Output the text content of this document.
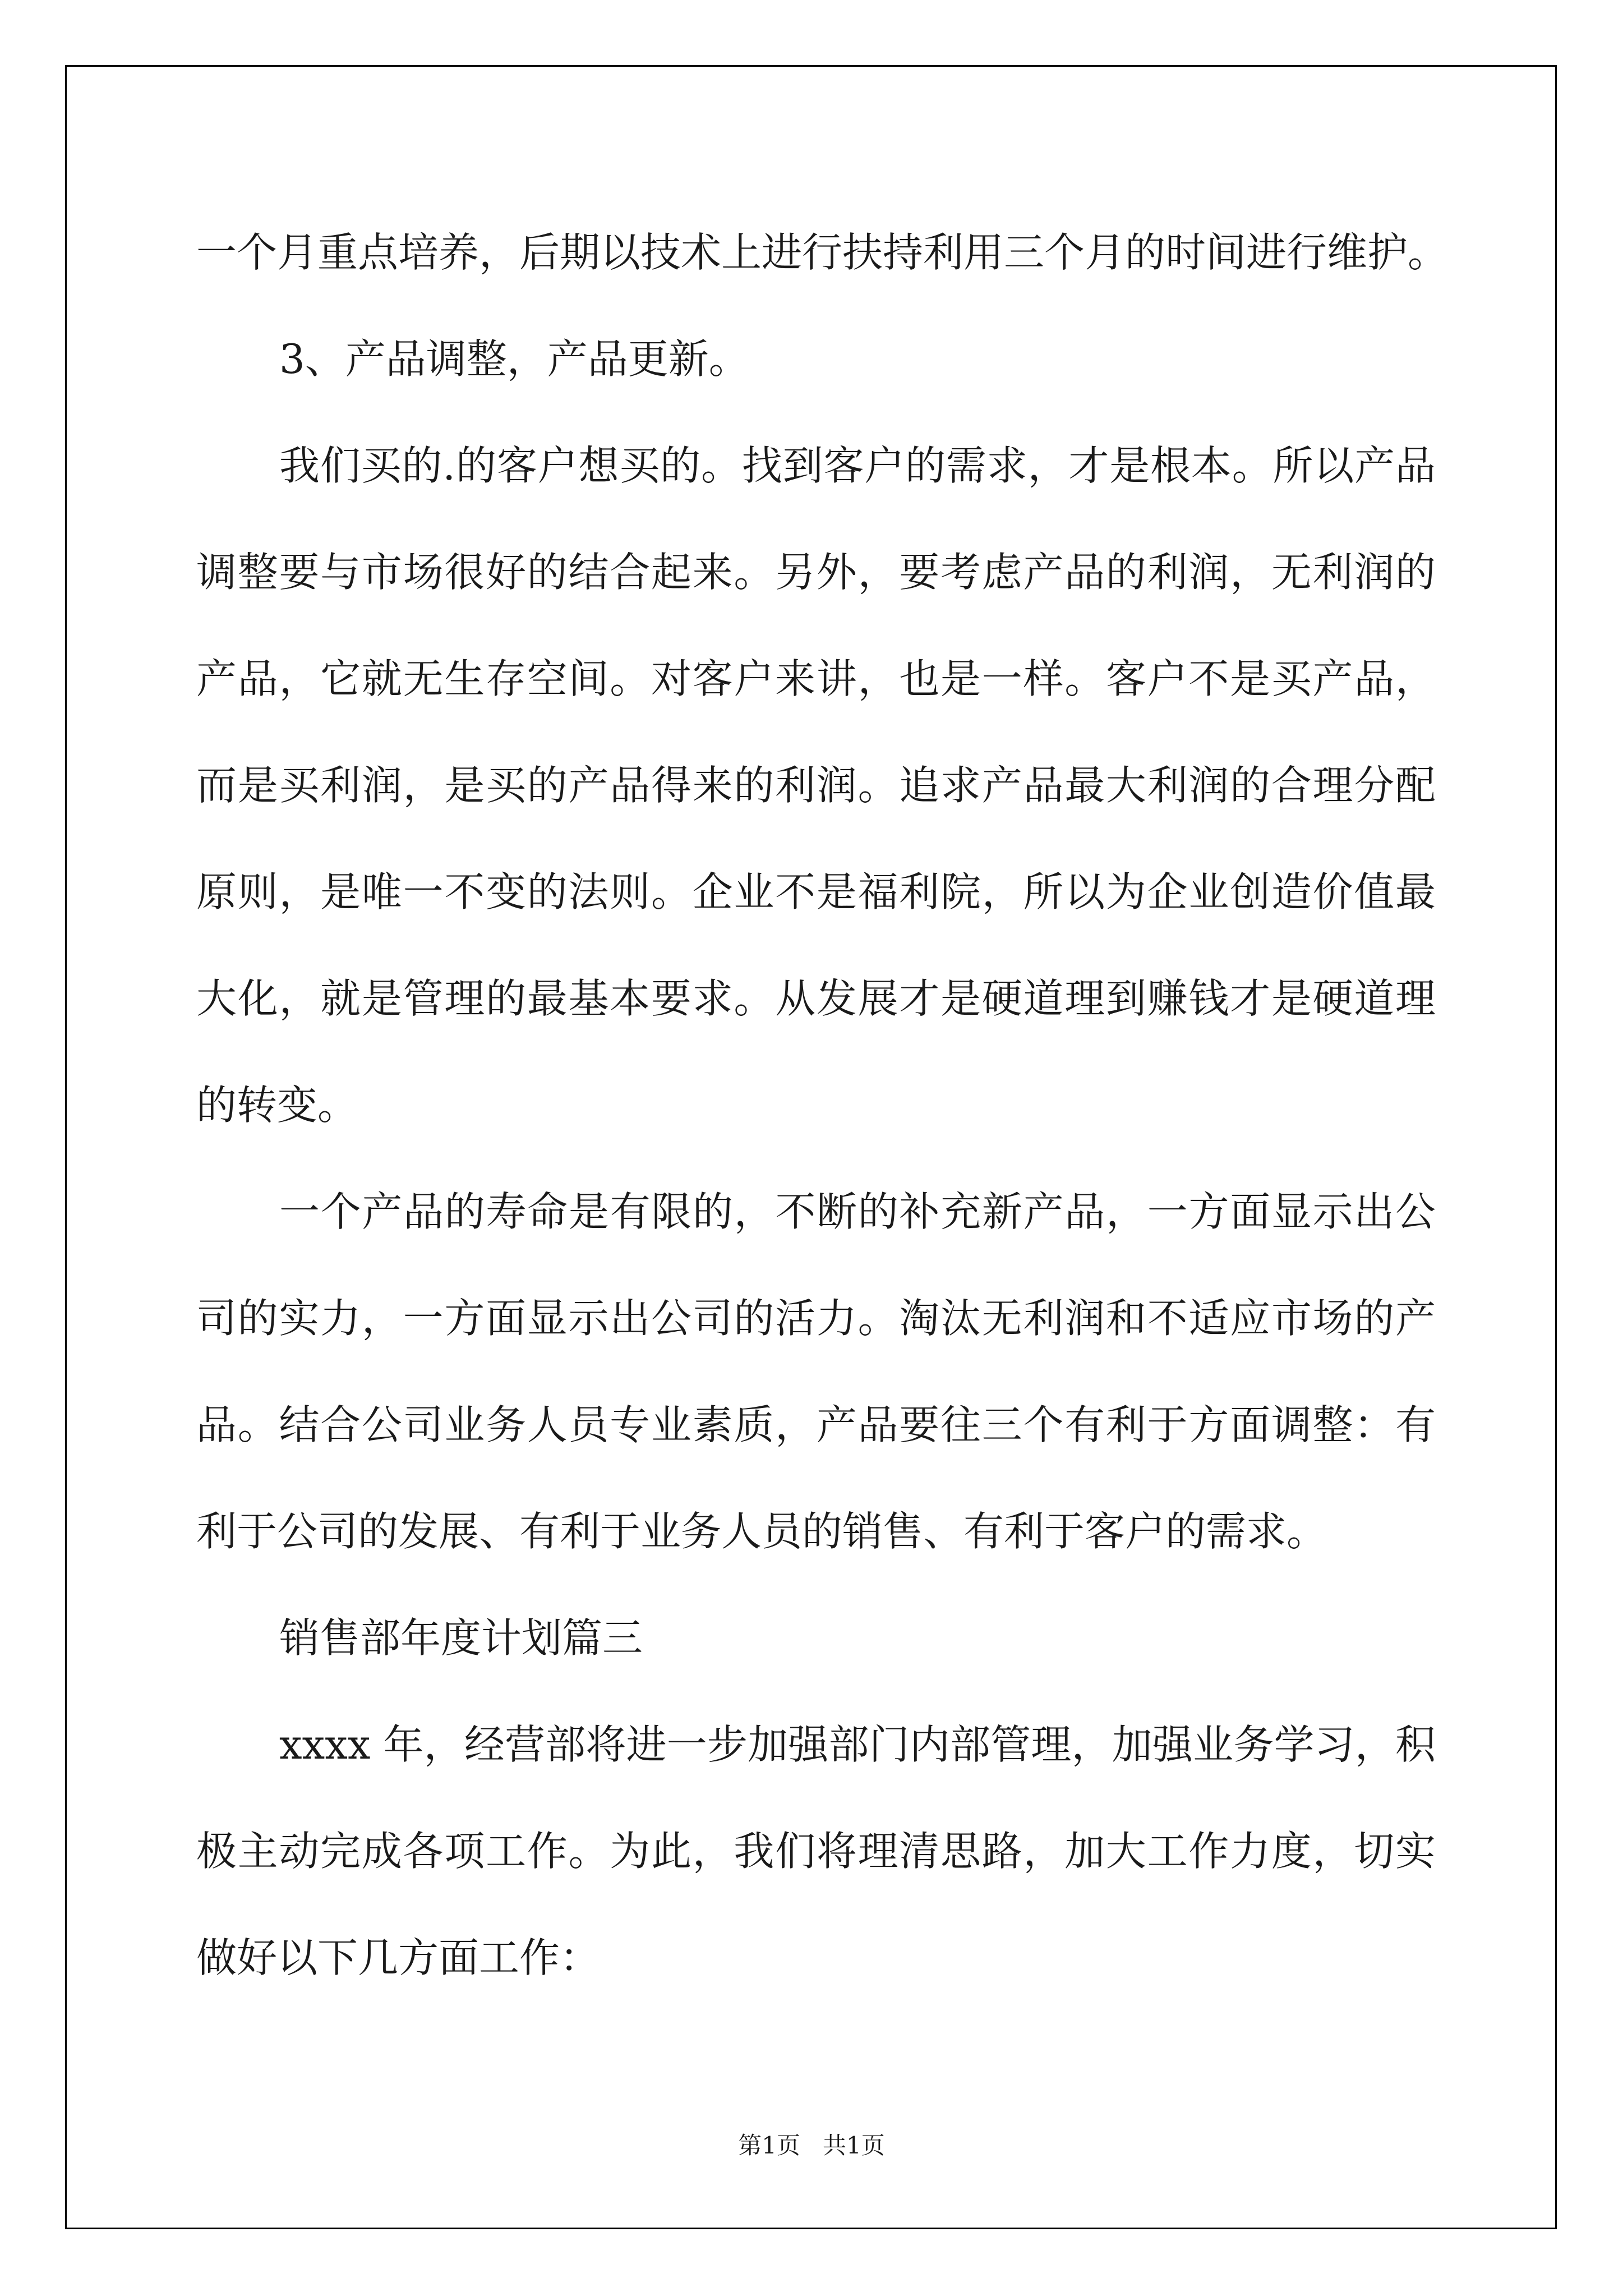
一个月重点培养，后期以技术上进行扶持利用三个月的时间进行维护。
3、产品调整，产品更新。
我们买的.的客户想买的。找到客户的需求，才是根本。所以产品
调整要与市场很好的结合起来。另外，要考虑产品的利润，无利润的
产品，它就无生存空间。对客户来讲，也是一样。客户不是买产品，
而是买利润，是买的产品得来的利润。追求产品最大利润的合理分配
原则，是唯一不变的法则。企业不是福利院，所以为企业创造价值最
大化，就是管理的最基本要求。从发展才是硬道理到赚钱才是硬道理
的转变。
一个产品的寿命是有限的，不断的补充新产品，一方面显示出公
司的实力，一方面显示出公司的活力。淘汰无利润和不适应市场的产
品。结合公司业务人员专业素质，产品要往三个有利于方面调整：有
利于公司的发展、有利于业务人员的销售、有利于客户的需求。
销售部年度计划篇三
xxxx 年，经营部将进一步加强部门内部管理，加强业务学习，积
极主动完成各项工作。为此，我们将理清思路，加大工作力度，切实
做好以下几方面工作：
第1页   共1页
